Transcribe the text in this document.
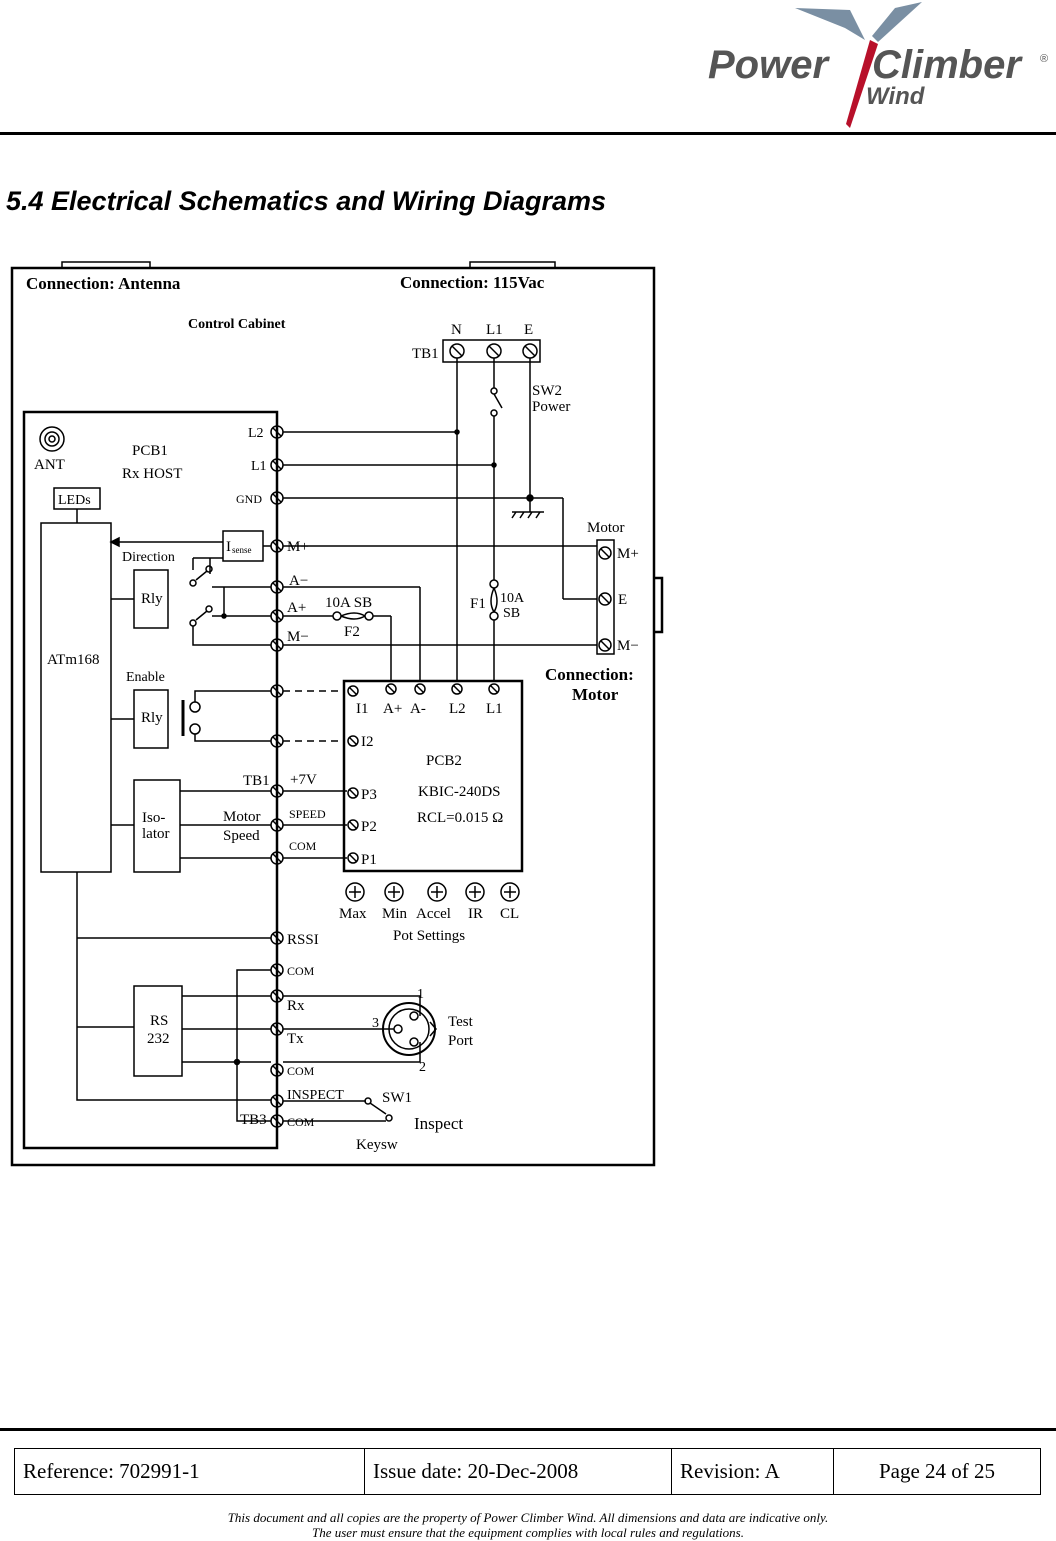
Power Climber ®
Wind
5.4 Electrical Schematics and Wiring Diagrams
Connection: Antenna	Connection: 115Vac
Control Cabinet
TB1
N L1 E
SW2
Power
ANT
PCB1
Rx HOST
LEDs
ATm168
L2
L1
GND
I sense M+
Direction
Rly
A−
A+
M−
10A SB
F2
F1 10A
SB
Motor
M+
E
M−
Connection:
Motor
I1 A+ A- L2 L1
I2
PCB2
KBIC-240DS
RCL=0.015 Ω
P3
P2
P1
Enable
Rly
Iso-
lator
TB1
Motor
Speed
+7V
SPEED
COM
Max Min Accel IR CL
Pot Settings
RSSI
COM
Rx
Tx
COM
RS
232
TB3
1
2
3	Test
Port
INSPECT
COM
SW1
Inspect
Keysw
Reference: 702991-1	Issue date: 20-Dec-2008	Revision: A	Page 24 of 25
This document and all copies are the property of Power Climber Wind. All dimensions and data are indicative only.
The user must ensure that the equipment complies with local rules and regulations.
